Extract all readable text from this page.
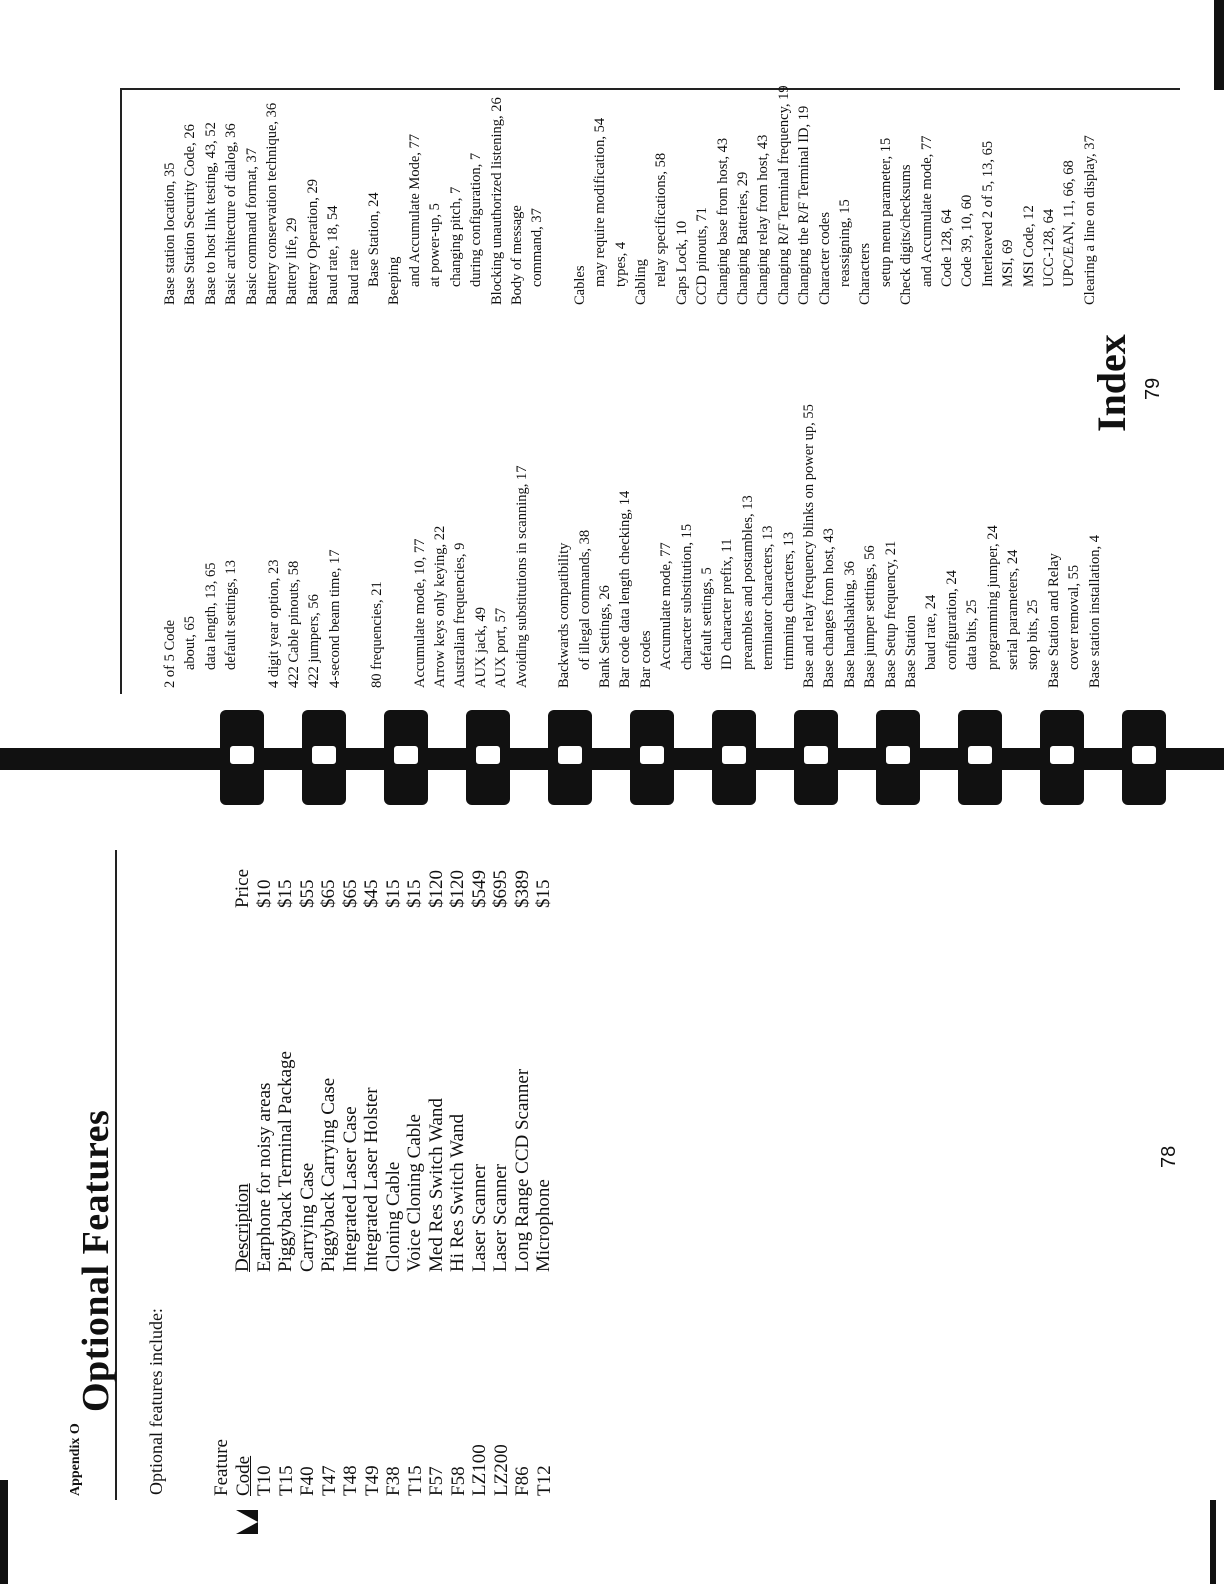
Appendix O
Optional Features Optional features include: Feature Code T10 T15 F40 T47 T48 T49 F38 T15 F57 F58 LZ100 LZ200 F86 T12
Description Earphone for noisy areas Piggyback Terminal Package Carrying Case Piggyback Carrying Case Integrated Laser Case Integrated Laser Holster Cloning Cable Voice Cloning Cable Med Res Switch Wand Hi Res Switch Wand Laser Scanner Laser Scanner Long Range CCD Scanner Microphone
Price $10 $15 $55 $65 $65 $45 $15 $15 $120 $120 $549 $695 $389 $15
78
Index 79
2 of 5 Code about, 65 data length, 13, 65 default settings, 13 4 digit year option, 23 422 Cable pinouts, 58 422 jumpers, 56 4-second beam time, 17 80 frequencies, 21 Accumulate mode, 10, 77 Arrow keys only keying, 22 Australian frequencies, 9 AUX jack, 49 AUX port, 57 Avoiding substitutions in scanning, 17 Backwards compatibility of illegal commands, 38 Bank Settings, 26 Bar code data length checking, 14 Bar codes Accumulate mode, 77 character substitution, 15 default settings, 5 ID character prefix, 11 preambles and postambles, 13 terminator characters, 13 trimming characters, 13 Base and relay frequency blinks on power up, 55 Base changes from host, 43 Base handshaking, 36 Base jumper settings, 56 Base Setup frequency, 21 Base Station baud rate, 24 configuration, 24 data bits, 25 programming jumper, 24 serial parameters, 24 stop bits, 25 Base Station and Relay cover removal, 55 Base station installation, 4
Base station location, 35 Base Station Security Code, 26 Base to host link testing, 43, 52 Basic architecture of dialog, 36 Basic command format, 37 Battery conservation technique, 36 Battery life, 29 Battery Operation, 29 Baud rate, 18, 54 Baud rate Base Station, 24 Beeping and Accumulate Mode, 77 at power-up, 5 changing pitch, 7 during configuration, 7 Blocking unauthorized listening, 26 Body of message command, 37 Cables may require modification, 54 types, 4 Cabling relay specifications, 58 Caps Lock, 10 CCD pinouts, 71 Changing base from host, 43 Changing Batteries, 29 Changing relay from host, 43 Changing R/F Terminal frequency, 19 Changing the R/F Terminal ID, 19 Character codes reassigning, 15 Characters setup menu parameter, 15 Check digits/checksums and Accumulate mode, 77 Code 128, 64 Code 39, 10, 60 Interleaved 2 of 5, 13, 65 MSI, 69 MSI Code, 12 UCC-128, 64 UPC/EAN, 11, 66, 68 Clearing a line on display, 37
